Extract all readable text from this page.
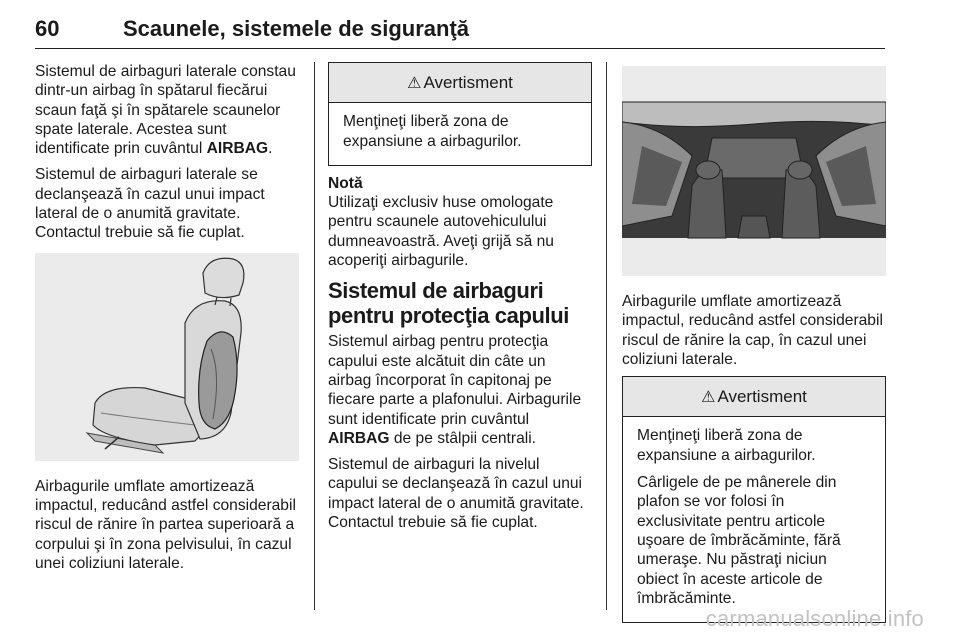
60	Scaunele, sistemele de siguranţă

Sistemul de airbaguri laterale constau dintr-un airbag în spătarul fiecărui scaun faţă şi în spătarele scaunelor spate laterale. Acestea sunt identificate prin cuvântul AIRBAG.

Sistemul de airbaguri laterale se declanşează în cazul unui impact lateral de o anumită gravitate. Contactul trebuie să fie cuplat.

Airbagurile umflate amortizează impactul, reducând astfel considerabil riscul de rănire în partea superioară a corpului şi în zona pelvisului, în cazul unei coliziuni laterale.

⚠ Avertisment

Menţineţi liberă zona de expansiune a airbagurilor.

Notă

Utilizaţi exclusiv huse omologate pentru scaunele autovehiculului dumneavoastră. Aveţi grijă să nu acoperiţi airbagurile.

Sistemul de airbaguri pentru protecţia capului

Sistemul airbag pentru protecţia capului este alcătuit din câte un airbag încorporat în capitonaj pe fiecare parte a plafonului. Airbagurile sunt identificate prin cuvântul AIRBAG de pe stâlpii centrali.

Sistemul de airbaguri la nivelul capului se declanşează în cazul unui impact lateral de o anumită gravitate. Contactul trebuie să fie cuplat.

Airbagurile umflate amortizează impactul, reducând astfel considerabil riscul de rănire la cap, în cazul unei coliziuni laterale.

⚠ Avertisment

Menţineţi liberă zona de expansiune a airbagurilor.

Cârligele de pe mânerele din plafon se vor folosi în exclusivitate pentru articole uşoare de îmbrăcăminte, fără umeraşe. Nu păstraţi niciun obiect în aceste articole de îmbrăcăminte.

carmanualsonline.info
